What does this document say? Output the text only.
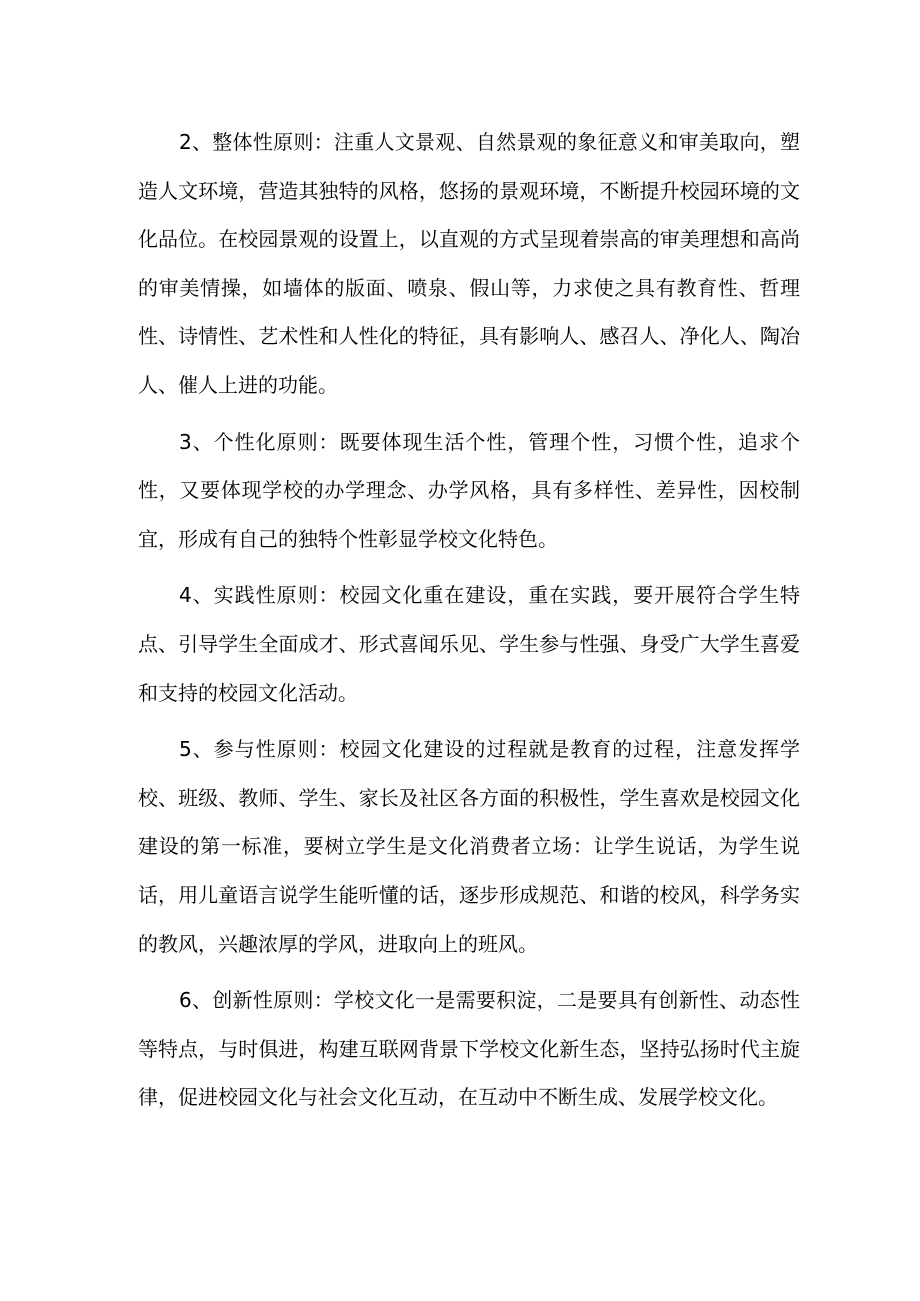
2、整体性原则：注重人文景观、自然景观的象征意义和审美取向，塑造人文环境，营造其独特的风格，悠扬的景观环境，不断提升校园环境的文化品位。在校园景观的设置上，以直观的方式呈现着崇高的审美理想和高尚的审美情操，如墙体的版面、喷泉、假山等，力求使之具有教育性、哲理性、诗情性、艺术性和人性化的特征，具有影响人、感召人、净化人、陶冶人、催人上进的功能。

3、个性化原则：既要体现生活个性，管理个性，习惯个性，追求个性，又要体现学校的办学理念、办学风格，具有多样性、差异性，因校制宜，形成有自己的独特个性彰显学校文化特色。

4、实践性原则：校园文化重在建设，重在实践，要开展符合学生特点、引导学生全面成才、形式喜闻乐见、学生参与性强、身受广大学生喜爱和支持的校园文化活动。

5、参与性原则：校园文化建设的过程就是教育的过程，注意发挥学校、班级、教师、学生、家长及社区各方面的积极性，学生喜欢是校园文化建设的第一标准，要树立学生是文化消费者立场：让学生说话，为学生说话，用儿童语言说学生能听懂的话，逐步形成规范、和谐的校风，科学务实的教风，兴趣浓厚的学风，进取向上的班风。

6、创新性原则：学校文化一是需要积淀，二是要具有创新性、动态性等特点，与时俱进，构建互联网背景下学校文化新生态，坚持弘扬时代主旋律，促进校园文化与社会文化互动，在互动中不断生成、发展学校文化。
